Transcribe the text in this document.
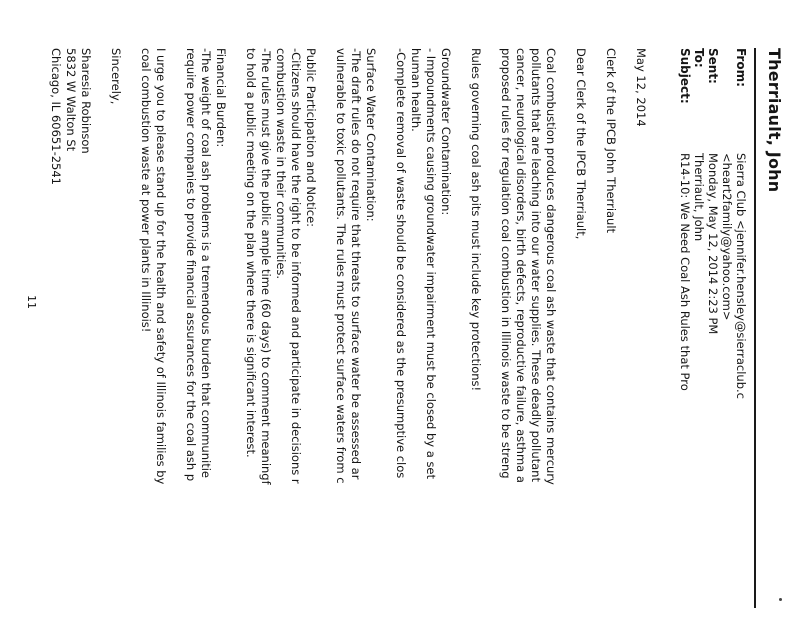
Therriault, John
From:
Sierra Club <jennifer.hensley@sierraclub.c
<heart2family@yahoo.com>
Sent:
Monday, May 12, 2014 2:23 PM
To:
Therriault, John
Subject:
R14-10: We Need Coal Ash Rules that Pro
May 12, 2014
Clerk of the IPCB John Therriault
Dear Clerk of the IPCB Therriault,
Coal combustion produces dangerous coal ash waste that contains mercury
pollutants that are leaching into our water supplies. These deadly pollutant
cancer, neurological disorders, birth defects, reproductive failure, asthma a
proposed rules for regulation coal combustion in Illinois waste to be streng
Rules governing coal ash pits must include key protections!
Groundwater Contamination:
- Impoundments causing groundwater impairment must be closed by a set
human health.
-Complete removal of waste should be considered as the presumptive clos
Surface Water Contamination:
-The draft rules do not require that threats to surface water be assessed ar
vulnerable to toxic pollutants. The rules must protect surface waters from c
Public Participation and Notice:
-Citizens should have the right to be informed and participate in decisions r
combustion waste in their communities.
-The rules must give the public ample time (60 days) to comment meaningf
to hold a public meeting on the plan where there is significant interest.
Financial Burden:
-The weight of coal ash problems is a tremendous burden that communitie
require power companies to provide financial assurances for the coal ash p
I urge you to please stand up for the health and safety of Illinois families by
coal combustion waste at power plants in Illinois!
Sincerely,
Sharesia Robinson
5832 W Walton St
Chicago, IL 60651-2541
11
